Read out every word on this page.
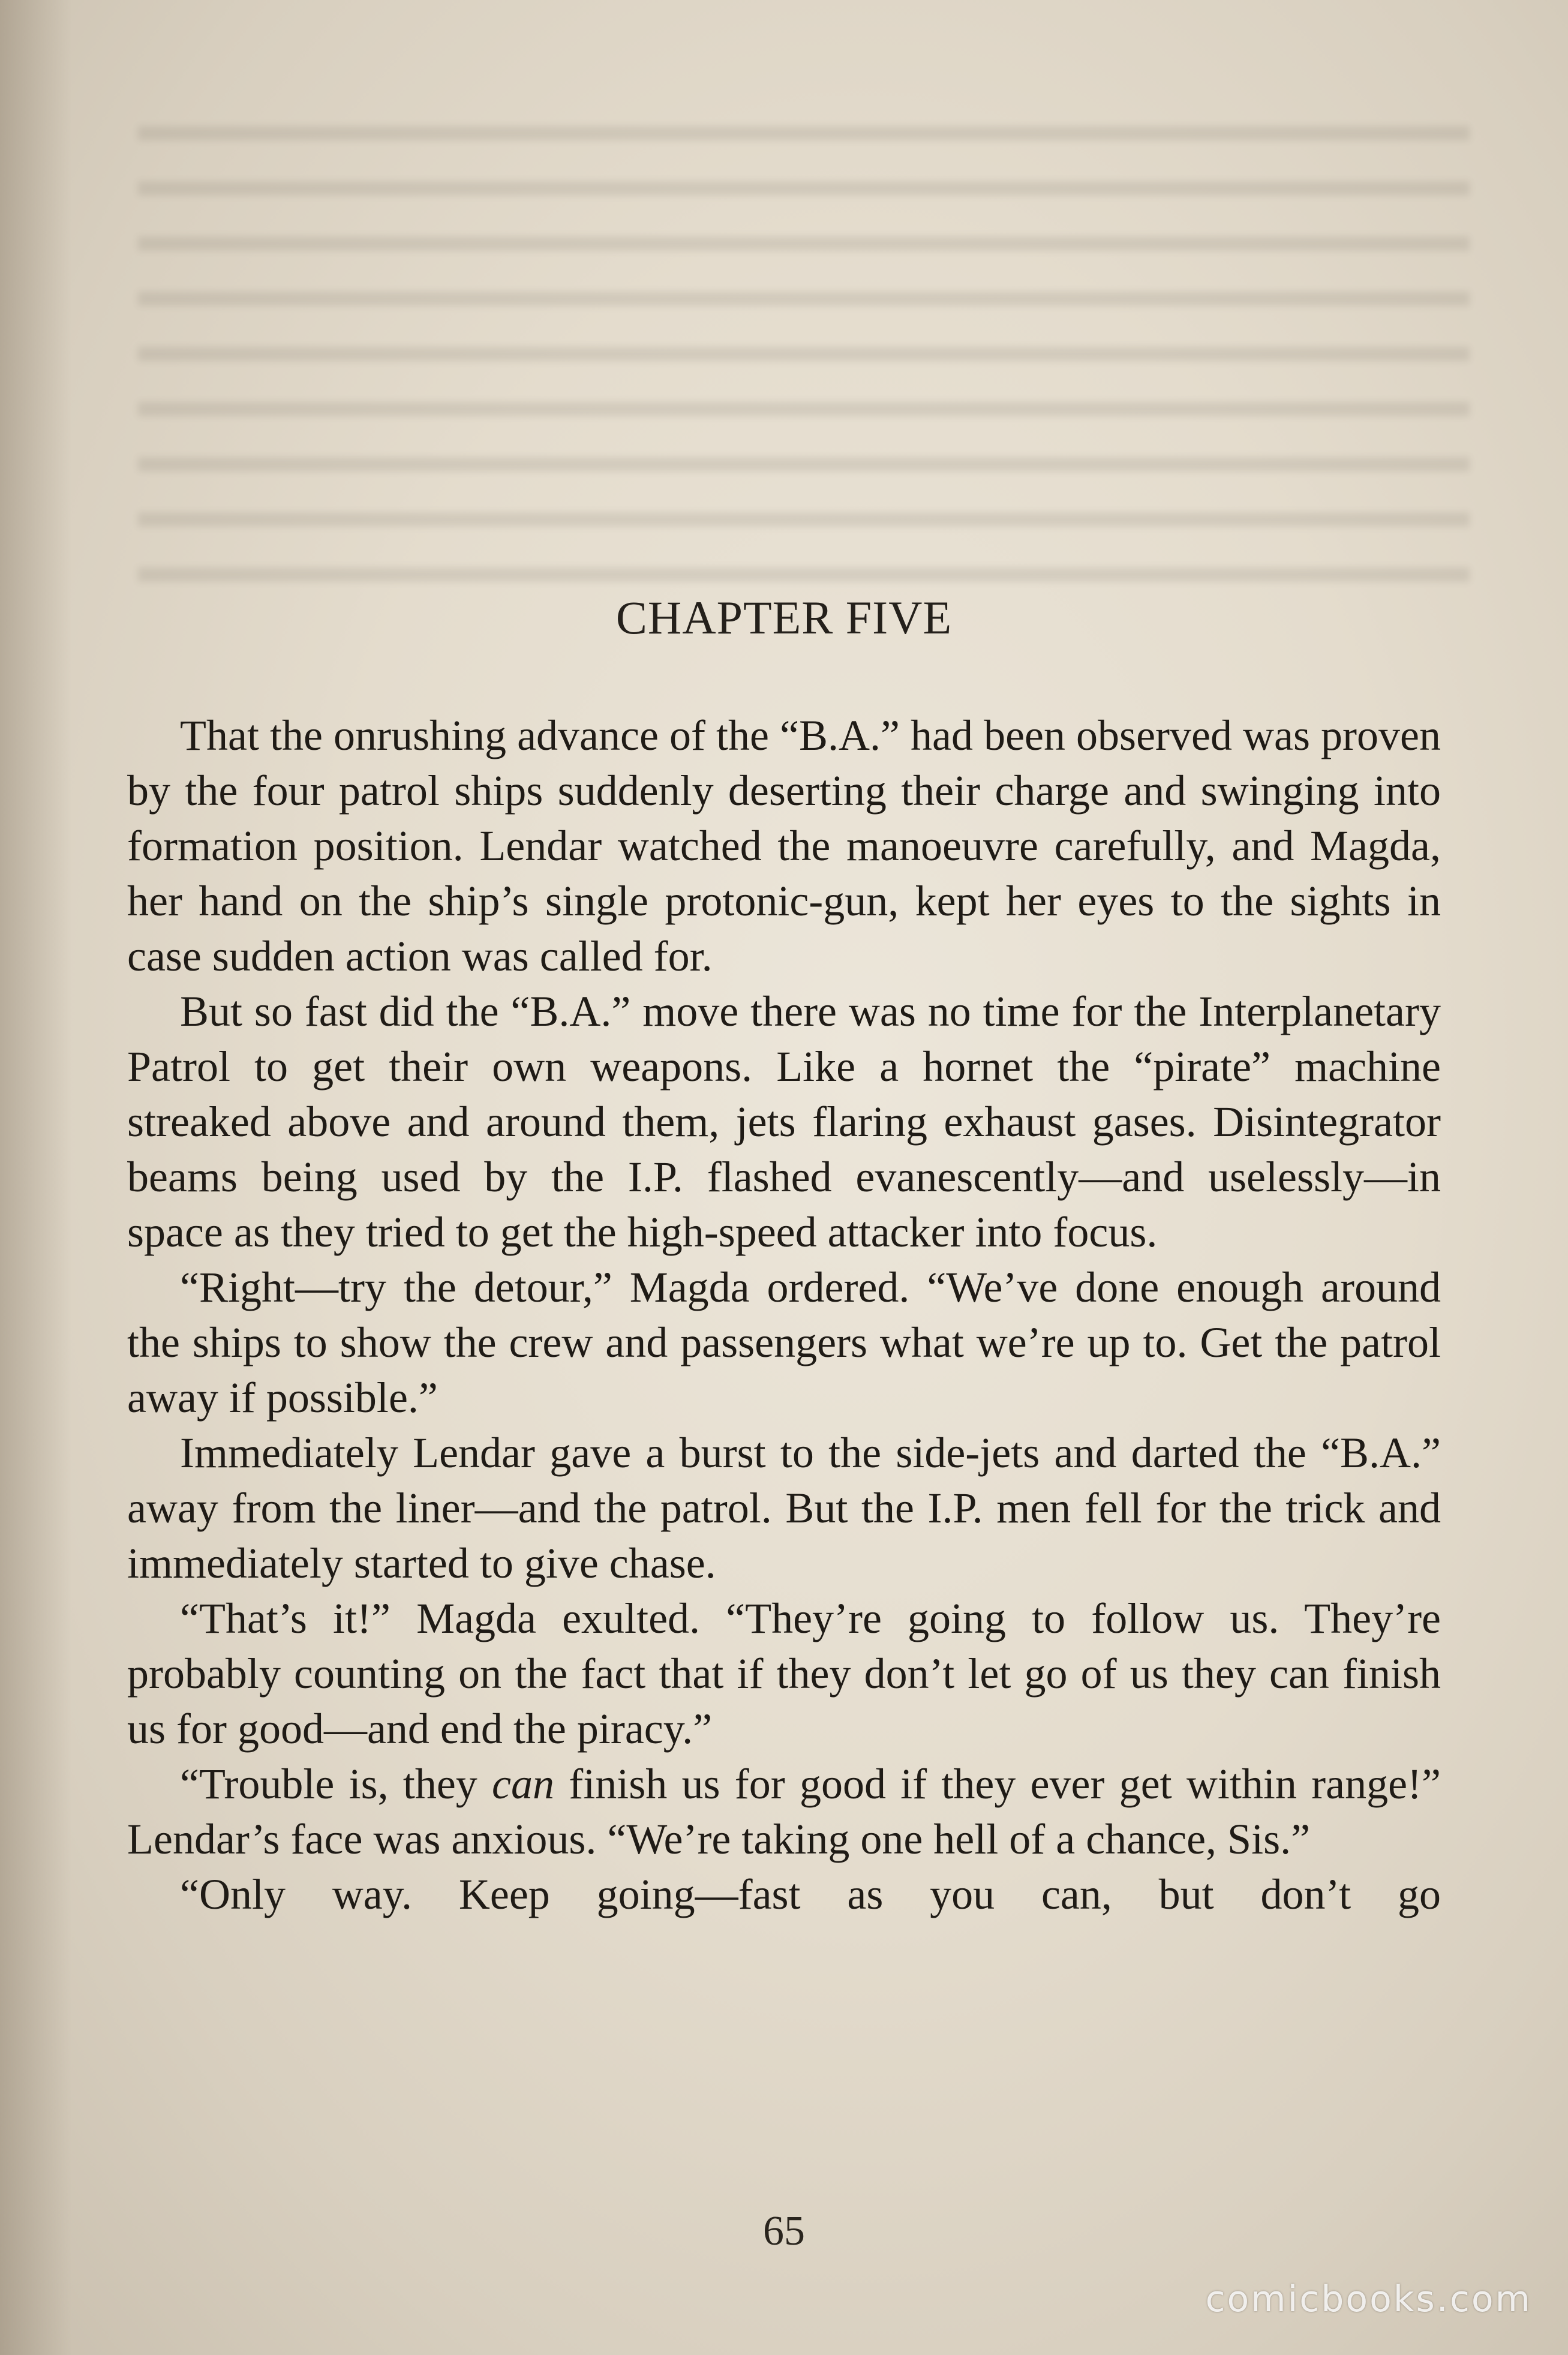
CHAPTER FIVE

That the onrushing advance of the “B.A.” had been observed was proven by the four patrol ships suddenly deserting their charge and swinging into formation position. Lendar watched the manoeuvre carefully, and Magda, her hand on the ship’s single protonic-gun, kept her eyes to the sights in case sudden action was called for.

But so fast did the “B.A.” move there was no time for the Interplanetary Patrol to get their own weapons. Like a hornet the “pirate” machine streaked above and around them, jets flaring exhaust gases. Disintegrator beams being used by the I.P. flashed evanescently—and uselessly—in space as they tried to get the high-speed attacker into focus.

“Right—try the detour,” Magda ordered. “We’ve done enough around the ships to show the crew and passengers what we’re up to. Get the patrol away if possible.”

Immediately Lendar gave a burst to the side-jets and darted the “B.A.” away from the liner—and the patrol. But the I.P. men fell for the trick and immediately started to give chase.

“That’s it!” Magda exulted. “They’re going to follow us. They’re probably counting on the fact that if they don’t let go of us they can finish us for good—and end the piracy.”

“Trouble is, they can finish us for good if they ever get within range!” Lendar’s face was anxious. “We’re taking one hell of a chance, Sis.”

“Only way. Keep going—fast as you can, but don’t go

65
comicbooks.com
